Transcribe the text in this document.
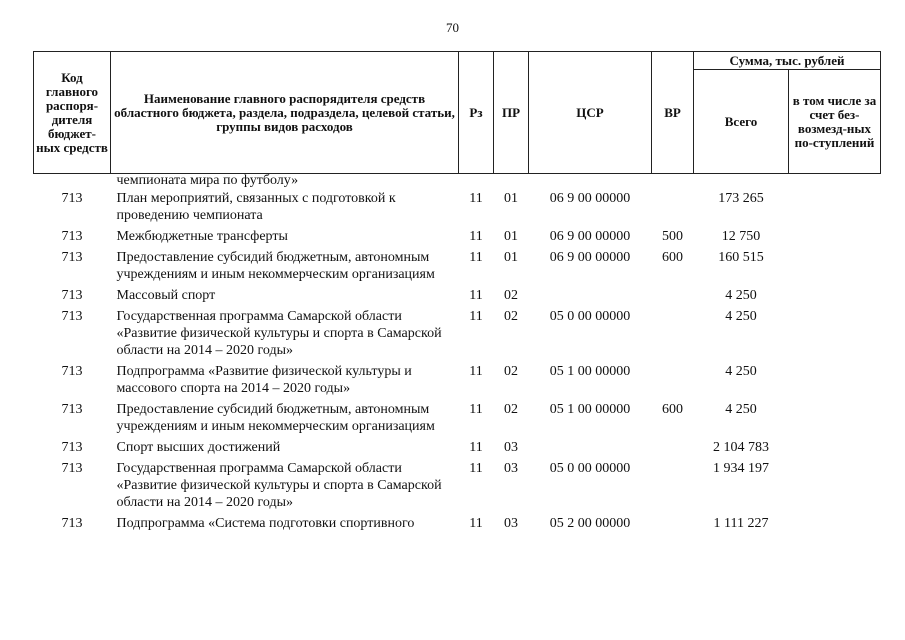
70
Код главного распоря-дителя бюджет-ных средств	Наименование главного распорядителя средств областного бюджета, раздела, подраздела, целевой статьи, группы видов расходов	Рз	ПР	ЦСР	ВР	Сумма, тыс. рублей	
						Всего	в том числе за счет без-возмезд-ных по-ступлений
	чемпионата мира по футболу»						
713	План мероприятий, связанных с подготовкой к проведению чемпионата	11	01	06 9 00 00000		173 265	
713	Межбюджетные трансферты	11	01	06 9 00 00000	500	12 750	
713	Предоставление субсидий бюджетным, автономным учреждениям и иным некоммерческим организациям	11	01	06 9 00 00000	600	160 515	
713	Массовый спорт	11	02			4 250	
713	Государственная программа Самарской области «Развитие физической культуры и спорта в Самарской области на 2014 – 2020 годы»	11	02	05 0 00 00000		4 250	
713	Подпрограмма «Развитие физической культуры и массового спорта на 2014 – 2020 годы»	11	02	05 1 00 00000		4 250	
713	Предоставление субсидий бюджетным, автономным учреждениям и иным некоммерческим организациям	11	02	05 1 00 00000	600	4 250	
713	Спорт высших достижений	11	03			2 104 783	
713	Государственная программа Самарской области «Развитие физической культуры и спорта в Самарской области на 2014 – 2020 годы»	11	03	05 0 00 00000		1 934 197	
713	Подпрограмма «Система подготовки спортивного	11	03	05 2 00 00000		1 111 227	
